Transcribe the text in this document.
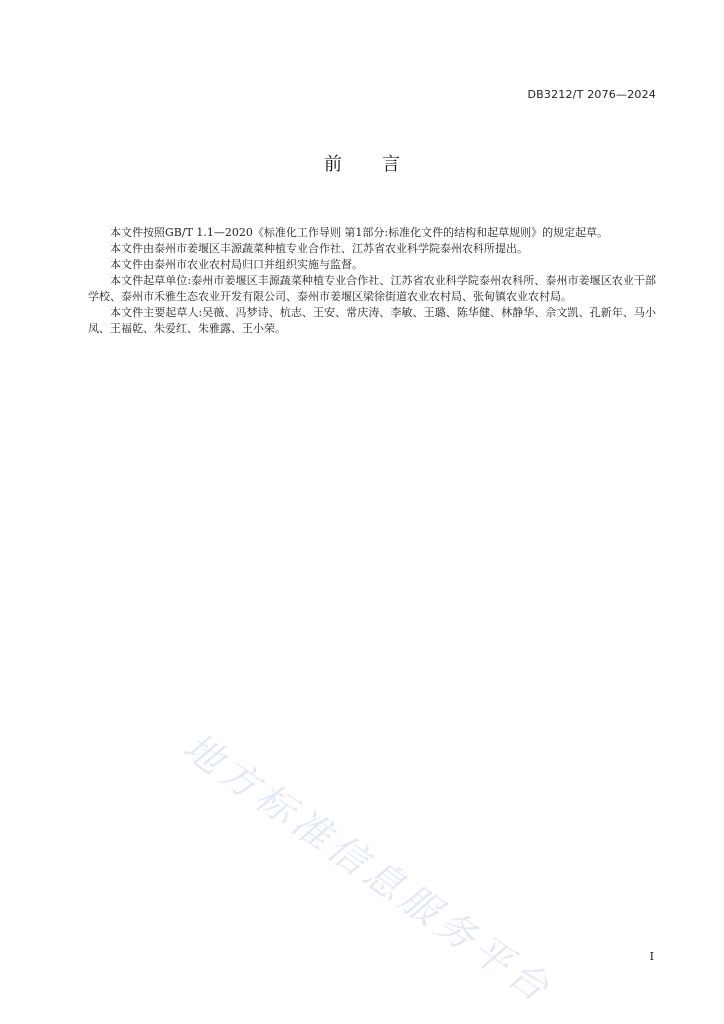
DB3212/T 2076—2024
前 言

本文件按照GB/T 1.1—2020《标准化工作导则 第1部分:标准化文件的结构和起草规则》的规定起草。

本文件由泰州市姜堰区丰源蔬菜种植专业合作社、江苏省农业科学院泰州农科所提出。

本文件由泰州市农业农村局归口并组织实施与监督。

本文件起草单位:泰州市姜堰区丰源蔬菜种植专业合作社、江苏省农业科学院泰州农科所、泰州市姜堰区农业干部学校、泰州市禾雅生态农业开发有限公司、泰州市姜堰区梁徐街道农业农村局、张甸镇农业农村局。

本文件主要起草人:吴薇、冯梦诗、杭志、王安、常庆涛、李敏、王璐、陈华健、林静华、佘文凯、孔新年、马小凤、王福乾、朱爱红、朱雅露、王小荣。

地方标准信息服务平台	I
